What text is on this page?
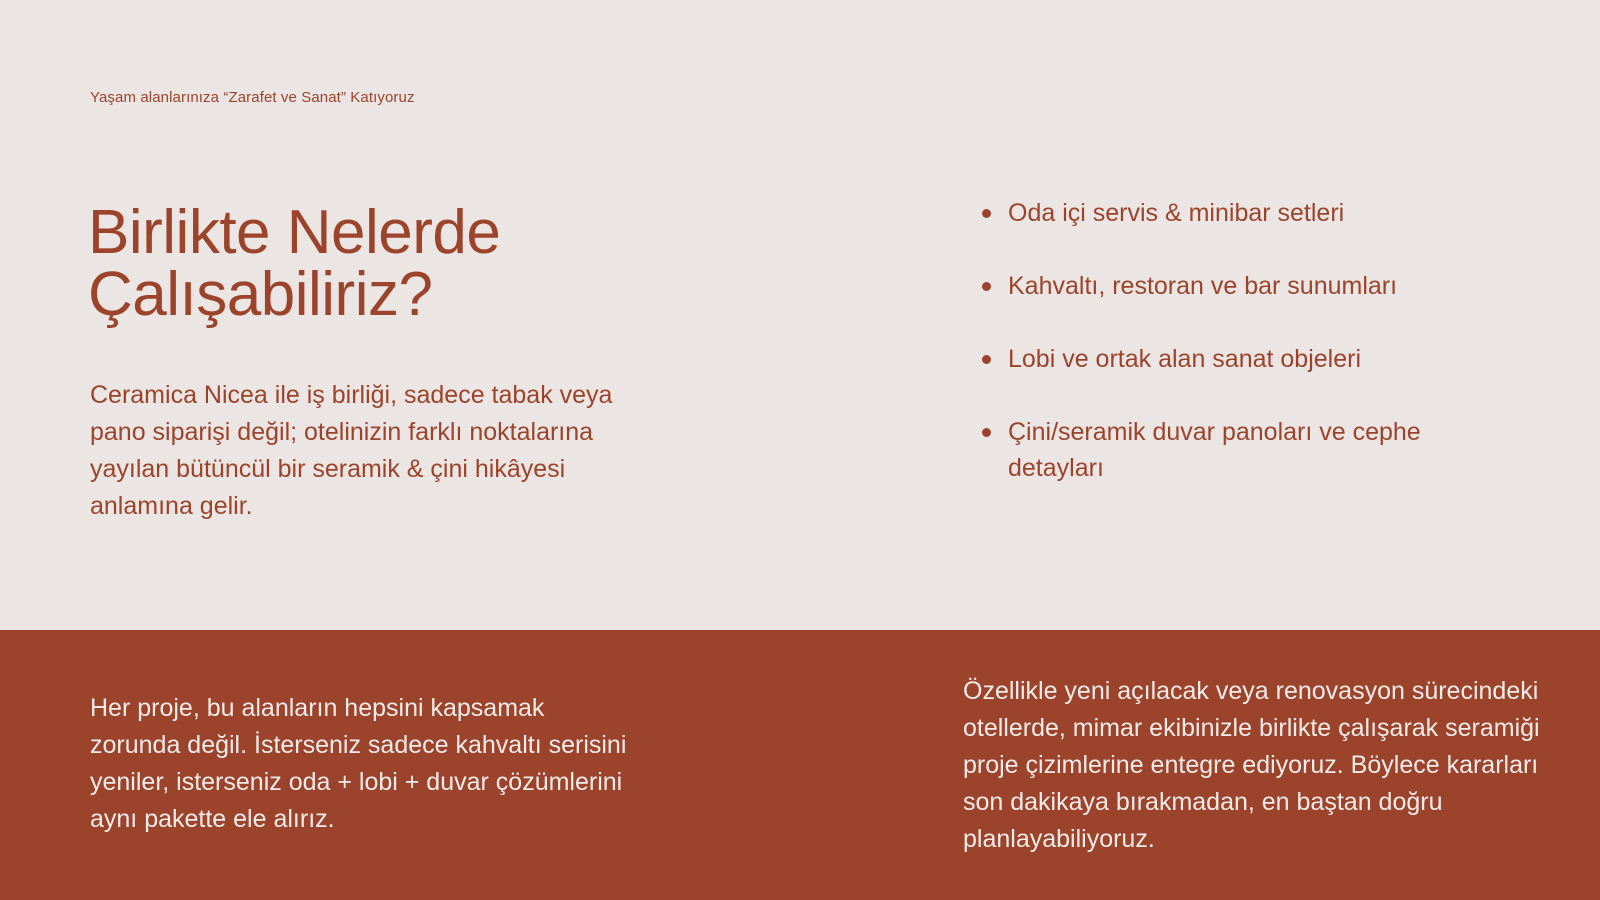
Yaşam alanlarınıza “Zarafet ve Sanat” Katıyoruz
Birlikte Nelerde
Çalışabiliriz?

Ceramica Nicea ile iş birliği, sadece tabak veya pano siparişi değil; otelinizin farklı noktalarına yayılan bütüncül bir seramik & çini hikâyesi anlamına gelir.

Oda içi servis & minibar setleri
Kahvaltı, restoran ve bar sunumları
Lobi ve ortak alan sanat objeleri
Çini/seramik duvar panoları ve cephe detayları

Her proje, bu alanların hepsini kapsamak zorunda değil. İsterseniz sadece kahvaltı serisini yeniler, isterseniz oda + lobi + duvar çözümlerini aynı pakette ele alırız.

Özellikle yeni açılacak veya renovasyon sürecindeki otellerde, mimar ekibinizle birlikte çalışarak seramiği proje çizimlerine entegre ediyoruz. Böylece kararları son dakikaya bırakmadan, en baştan doğru planlayabiliyoruz.
